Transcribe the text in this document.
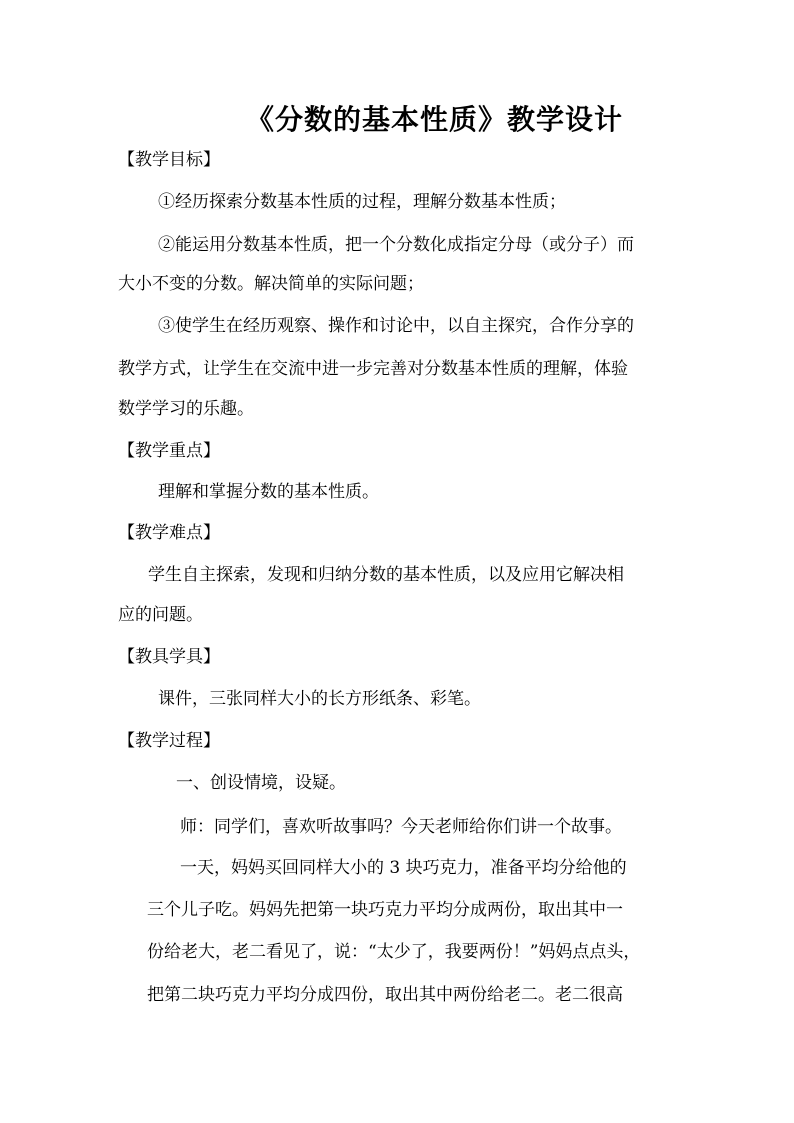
《分数的基本性质》教学设计
【教学目标】
①经历探索分数基本性质的过程，理解分数基本性质；
②能运用分数基本性质，把一个分数化成指定分母（或分子）而
大小不变的分数。解决简单的实际问题；
③使学生在经历观察、操作和讨论中，以自主探究，合作分享的
教学方式，让学生在交流中进一步完善对分数基本性质的理解，体验
数学学习的乐趣。
【教学重点】
理解和掌握分数的基本性质。
【教学难点】
学生自主探索，发现和归纳分数的基本性质，以及应用它解决相
应的问题。
【教具学具】
课件，三张同样大小的长方形纸条、彩笔。
【教学过程】
一、创设情境，设疑。
师：同学们，喜欢听故事吗？今天老师给你们讲一个故事。
一天，妈妈买回同样大小的 3 块巧克力，准备平均分给他的
三个儿子吃。妈妈先把第一块巧克力平均分成两份，取出其中一
份给老大，老二看见了，说：“太少了，我要两份！”妈妈点点头，
把第二块巧克力平均分成四份，取出其中两份给老二。老二很高
